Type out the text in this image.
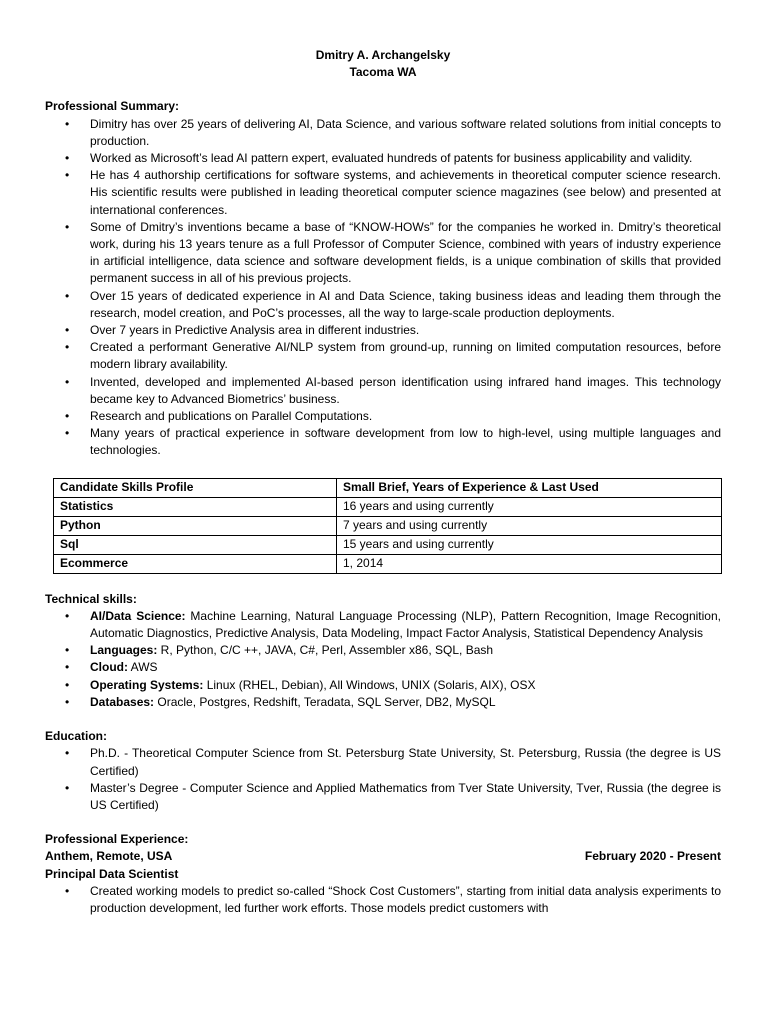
Dmitry A. Archangelsky
Tacoma WA
Professional Summary:
• Dimitry has over 25 years of delivering AI, Data Science, and various software related solutions from initial concepts to production.
• Worked as Microsoft’s lead AI pattern expert, evaluated hundreds of patents for business applicability and validity.
• He has 4 authorship certifications for software systems, and achievements in theoretical computer science research. His scientific results were published in leading theoretical computer science magazines (see below) and presented at international conferences.
• Some of Dmitry’s inventions became a base of “KNOW-HOWs” for the companies he worked in. Dmitry’s theoretical work, during his 13 years tenure as a full Professor of Computer Science, combined with years of industry experience in artificial intelligence, data science and software development fields, is a unique combination of skills that provided permanent success in all of his previous projects.
• Over 15 years of dedicated experience in AI and Data Science, taking business ideas and leading them through the research, model creation, and PoC’s processes, all the way to large-scale production deployments.
• Over 7 years in Predictive Analysis area in different industries.
• Created a performant Generative AI/NLP system from ground-up, running on limited computation resources, before modern library availability.
• Invented, developed and implemented AI-based person identification using infrared hand images. This technology became key to Advanced Biometrics’ business.
• Research and publications on Parallel Computations.
• Many years of practical experience in software development from low to high-level, using multiple languages and technologies.
Candidate Skills Profile	Small Brief, Years of Experience & Last Used
Statistics	16 years and using currently
Python	7 years and using currently
Sql	15 years and using currently
Ecommerce	1, 2014
Technical skills:
• AI/Data Science: Machine Learning, Natural Language Processing (NLP), Pattern Recognition, Image Recognition, Automatic Diagnostics, Predictive Analysis, Data Modeling, Impact Factor Analysis, Statistical Dependency Analysis
• Languages: R, Python, C/C ++, JAVA, C#, Perl, Assembler x86, SQL, Bash
• Cloud: AWS
• Operating Systems: Linux (RHEL, Debian), All Windows, UNIX (Solaris, AIX), OSX
• Databases: Oracle, Postgres, Redshift, Teradata, SQL Server, DB2, MySQL
Education:
• Ph.D. - Theoretical Computer Science from St. Petersburg State University, St. Petersburg, Russia (the degree is US Certified)
• Master’s Degree - Computer Science and Applied Mathematics from Tver State University, Tver, Russia (the degree is US Certified)
Professional Experience:
Anthem, Remote, USA	February 2020 - Present
Principal Data Scientist
• Created working models to predict so-called “Shock Cost Customers”, starting from initial data analysis experiments to production development, led further work efforts. Those models predict customers with
